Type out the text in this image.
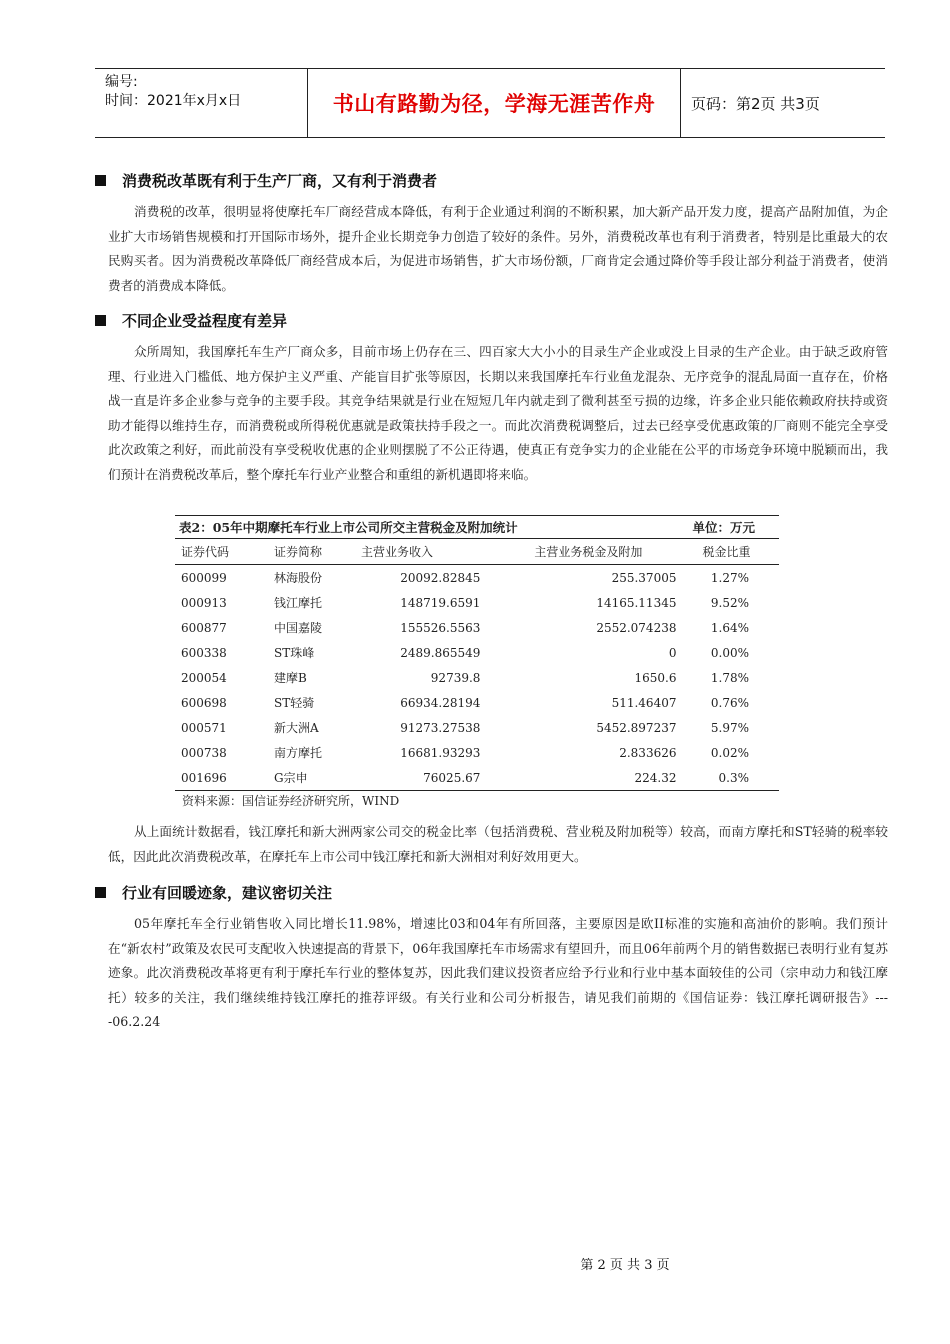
编号:
时间：2021年x月x日	书山有路勤为径，学海无涯苦作舟	页码：第2页 共3页
消费税改革既有利于生产厂商，又有利于消费者
消费税的改革，很明显将使摩托车厂商经营成本降低，有利于企业通过利润的不断积累，加大新产品开发力度，提高产品附加值，为企业扩大市场销售规模和打开国际市场外，提升企业长期竞争力创造了较好的条件。另外，消费税改革也有利于消费者，特别是比重最大的农民购买者。因为消费税改革降低厂商经营成本后，为促进市场销售，扩大市场份额，厂商肯定会通过降价等手段让部分利益于消费者，使消费者的消费成本降低。
不同企业受益程度有差异
众所周知，我国摩托车生产厂商众多，目前市场上仍存在三、四百家大大小小的目录生产企业或没上目录的生产企业。由于缺乏政府管理、行业进入门槛低、地方保护主义严重、产能盲目扩张等原因，长期以来我国摩托车行业鱼龙混杂、无序竞争的混乱局面一直存在，价格战一直是许多企业参与竞争的主要手段。其竞争结果就是行业在短短几年内就走到了微利甚至亏损的边缘，许多企业只能依赖政府扶持或资助才能得以维持生存，而消费税或所得税优惠就是政策扶持手段之一。而此次消费税调整后，过去已经享受优惠政策的厂商则不能完全享受此次政策之利好，而此前没有享受税收优惠的企业则摆脱了不公正待遇，使真正有竞争实力的企业能在公平的市场竞争环境中脱颖而出，我们预计在消费税改革后，整个摩托车行业产业整合和重组的新机遇即将来临。
表2：05年中期摩托车行业上市公司所交主营税金及附加统计				单位：万元
证券代码	证券简称	主营业务收入	主营业务税金及附加	税金比重
600099	林海股份	20092.82845	255.37005	1.27%
000913	钱江摩托	148719.6591	14165.11345	9.52%
600877	中国嘉陵	155526.5563	2552.074238	1.64%
600338	ST珠峰	2489.865549	0	0.00%
200054	建摩B	92739.8	1650.6	1.78%
600698	ST轻骑	66934.28194	511.46407	0.76%
000571	新大洲A	91273.27538	5452.897237	5.97%
000738	南方摩托	16681.93293	2.833626	0.02%
001696	G宗申	76025.67	224.32	0.3%
资料来源：国信证券经济研究所，WIND
从上面统计数据看，钱江摩托和新大洲两家公司交的税金比率（包括消费税、营业税及附加税等）较高，而南方摩托和ST轻骑的税率较低，因此此次消费税改革，在摩托车上市公司中钱江摩托和新大洲相对利好效用更大。
行业有回暖迹象，建议密切关注
05年摩托车全行业销售收入同比增长11.98%，增速比03和04年有所回落，主要原因是欧II标准的实施和高油价的影响。我们预计在“新农村”政策及农民可支配收入快速提高的背景下，06年我国摩托车市场需求有望回升，而且06年前两个月的销售数据已表明行业有复苏迹象。此次消费税改革将更有利于摩托车行业的整体复苏，因此我们建议投资者应给予行业和行业中基本面较佳的公司（宗申动力和钱江摩托）较多的关注，我们继续维持钱江摩托的推荐评级。有关行业和公司分析报告，请见我们前期的《国信证券：钱江摩托调研报告》----06.2.24
第 2 页 共 3 页
